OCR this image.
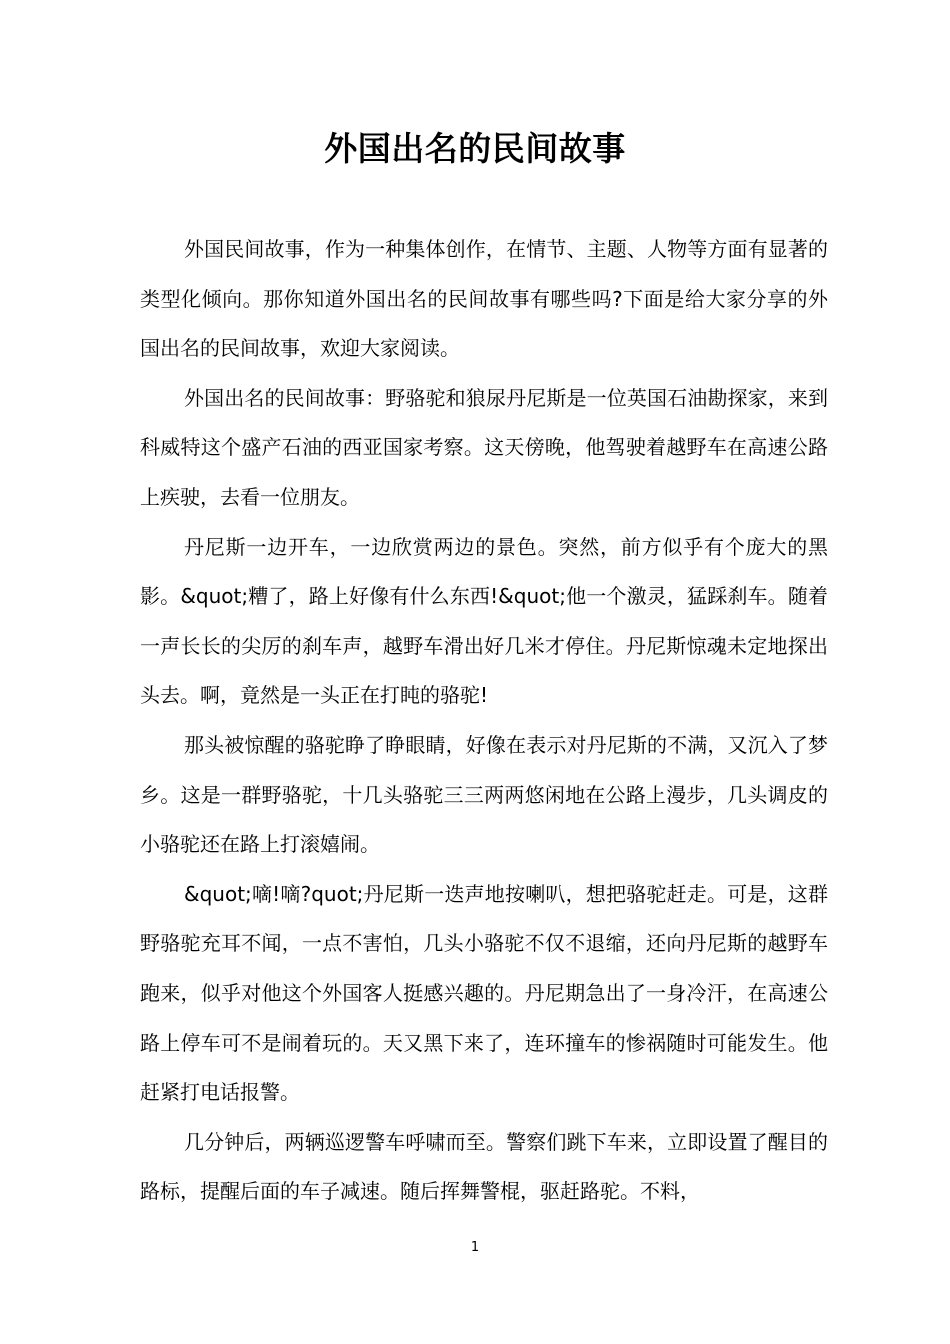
外国出名的民间故事

外国民间故事，作为一种集体创作，在情节、主题、人物等方面有显著的类型化倾向。那你知道外国出名的民间故事有哪些吗?下面是给大家分享的外国出名的民间故事，欢迎大家阅读。

外国出名的民间故事：野骆驼和狼尿丹尼斯是一位英国石油勘探家，来到科威特这个盛产石油的西亚国家考察。这天傍晚，他驾驶着越野车在高速公路上疾驶，去看一位朋友。

丹尼斯一边开车，一边欣赏两边的景色。突然，前方似乎有个庞大的黑影。&quot;糟了，路上好像有什么东西!&quot;他一个激灵，猛踩刹车。随着一声长长的尖厉的刹车声，越野车滑出好几米才停住。丹尼斯惊魂未定地探出头去。啊，竟然是一头正在打盹的骆驼!

那头被惊醒的骆驼睁了睁眼睛，好像在表示对丹尼斯的不满，又沉入了梦乡。这是一群野骆驼，十几头骆驼三三两两悠闲地在公路上漫步，几头调皮的小骆驼还在路上打滚嬉闹。

&quot;嘀!嘀?quot;丹尼斯一迭声地按喇叭，想把骆驼赶走。可是，这群野骆驼充耳不闻，一点不害怕，几头小骆驼不仅不退缩，还向丹尼斯的越野车跑来，似乎对他这个外国客人挺感兴趣的。丹尼期急出了一身冷汗，在高速公路上停车可不是闹着玩的。天又黑下来了，连环撞车的惨祸随时可能发生。他赶紧打电话报警。

几分钟后，两辆巡逻警车呼啸而至。警察们跳下车来，立即设置了醒目的路标，提醒后面的车子减速。随后挥舞警棍，驱赶路驼。不料，

1
